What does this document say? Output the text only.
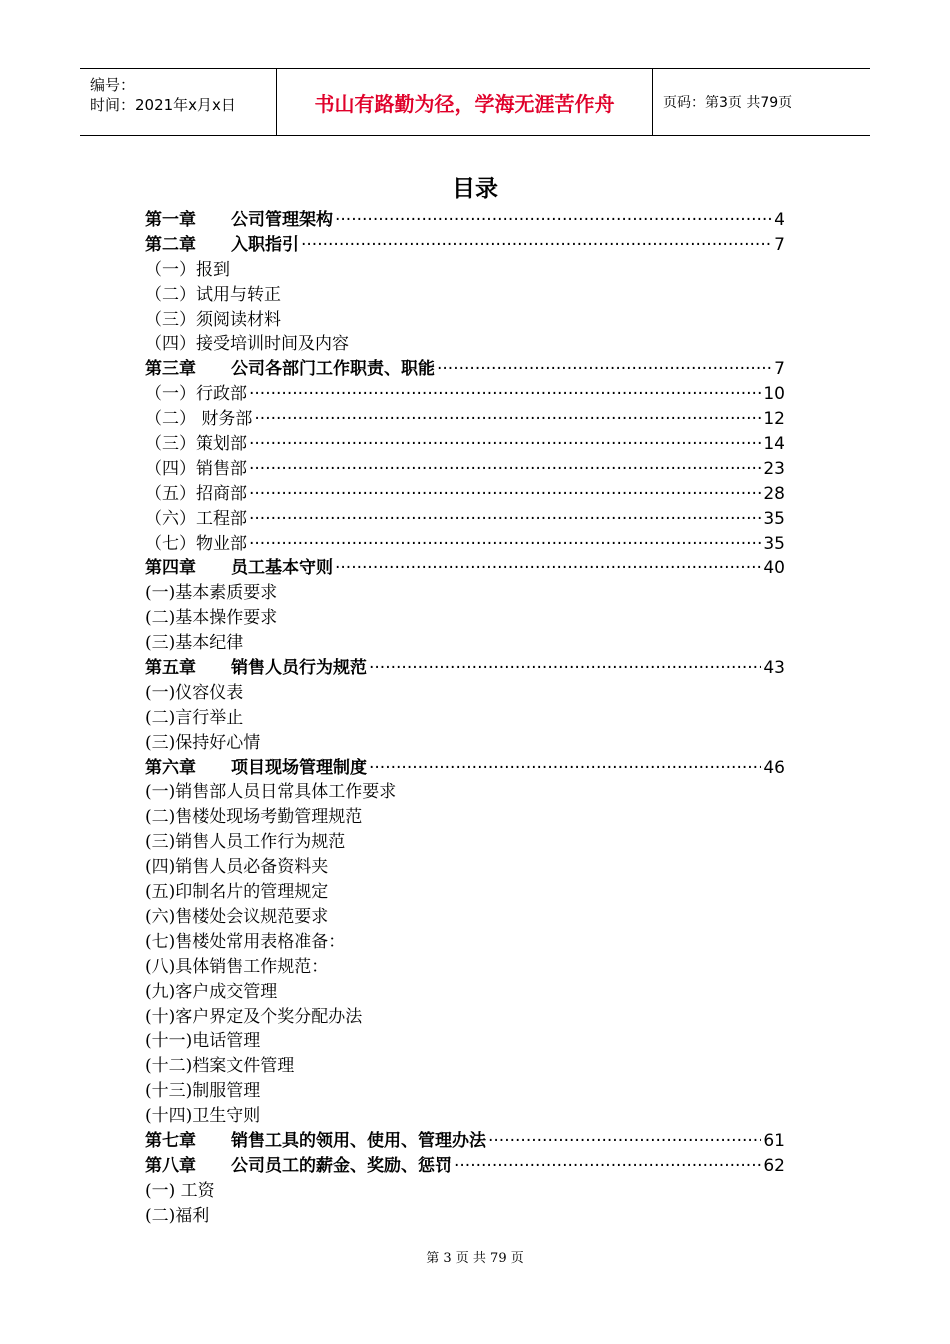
编号：
时间：2021年x月x日	书山有路勤为径，学海无涯苦作舟	页码：第3页 共79页
目录
第一章	公司管理架构 ·····	4
第二章	入职指引 ·····	7
（一）报到
（二）试用与转正
（三）须阅读材料
（四）接受培训时间及内容
第三章	公司各部门工作职责、职能 ·····	7
（一）行政部 ·····	10
（二） 财务部 ·····	12
（三）策划部 ·····	14
（四）销售部 ·····	23
（五）招商部 ·····	28
（六）工程部 ·····	35
（七）物业部 ·····	35
第四章	员工基本守则 ·····	40
(一)基本素质要求
(二)基本操作要求
(三)基本纪律
第五章	销售人员行为规范 ·····	43
(一)仪容仪表
(二)言行举止
(三)保持好心情
第六章	项目现场管理制度 ·····	46
(一)销售部人员日常具体工作要求
(二)售楼处现场考勤管理规范
(三)销售人员工作行为规范
(四)销售人员必备资料夹
(五)印制名片的管理规定
(六)售楼处会议规范要求
(七)售楼处常用表格准备：
(八)具体销售工作规范：
(九)客户成交管理
(十)客户界定及个奖分配办法
(十一)电话管理
(十二)档案文件管理
(十三)制服管理
(十四)卫生守则
第七章	销售工具的领用、使用、管理办法 ·····	61
第八章	公司员工的薪金、奖励、惩罚 ·····	62
(一) 工资
(二)福利
第 3 页 共 79 页
